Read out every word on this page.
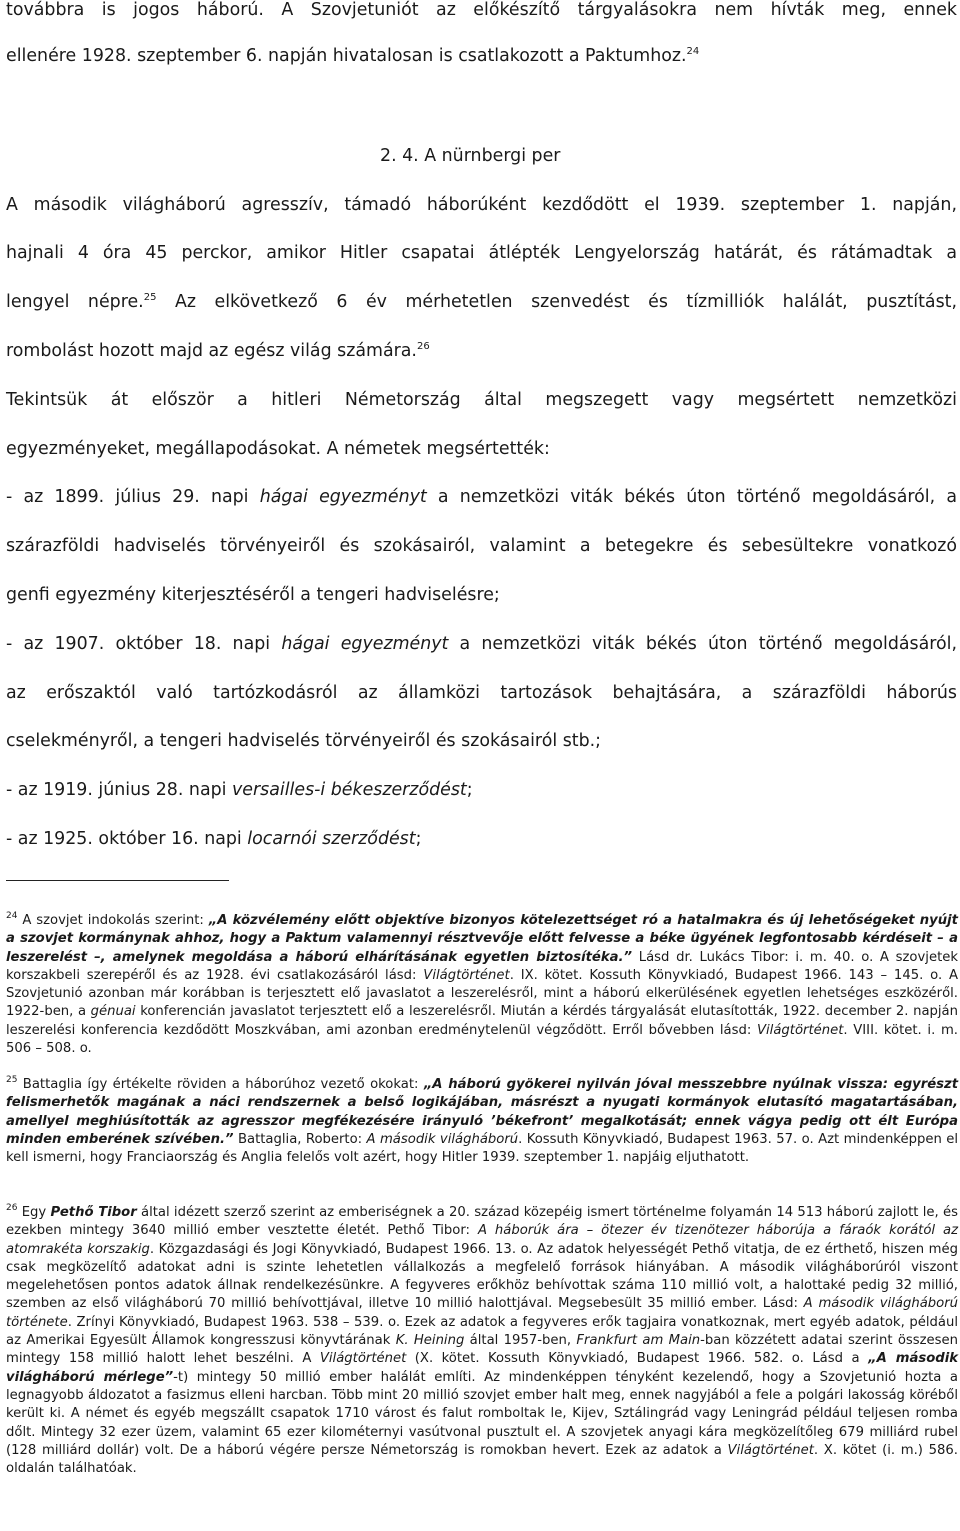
továbbra is jogos háború. A Szovjetuniót az előkészítő tárgyalásokra nem hívták meg, ennek
ellenére 1928. szeptember 6. napján hivatalosan is csatlakozott a Paktumhoz.$^{24}$
2. 4. A nürnbergi per
A második világháború agresszív, támadó háborúként kezdődött el 1939. szeptember 1. napján,
hajnali 4 óra 45 perckor, amikor Hitler csapatai átlépték Lengyelország határát, és rátámadtak a
lengyel népre.$^{25}$ Az elkövetkező 6 év mérhetetlen szenvedést és tízmilliók halálát, pusztítást,
rombolást hozott majd az egész világ számára.$^{26}$
Tekintsük át először a hitleri Németország által megszegett vagy megsértett nemzetközi
egyezményeket, megállapodásokat. A németek megsértették:
- az 1899. július 29. napi hágai egyezményt a nemzetközi viták békés úton történő megoldásáról, a
szárazföldi hadviselés törvényeiről és szokásairól, valamint a betegekre és sebesültekre vonatkozó
genfi egyezmény kiterjesztéséről a tengeri hadviselésre;
- az 1907. október 18. napi hágai egyezményt a nemzetközi viták békés úton történő megoldásáról,
az erőszaktól való tartózkodásról az államközi tartozások behajtására, a szárazföldi háborús
cselekményről, a tengeri hadviselés törvényeiről és szokásairól stb.;
- az 1919. június 28. napi versailles-i békeszerződést;
- az 1925. október 16. napi locarnói szerződést;
$^{24}$ A szovjet indokolás szerint: „A közvélemény előtt objektíve bizonyos kötelezettséget ró a hatalmakra és új lehetőségeket nyújt a szovjet kormánynak ahhoz, hogy a Paktum valamennyi résztvevője előtt felvesse a béke ügyének legfontosabb kérdéseit – a leszerelést –, amelynek megoldása a háború elhárításának egyetlen biztosítéka.” Lásd dr. Lukács Tibor: i. m. 40. o. A szovjetek korszakbeli szerepéről és az 1928. évi csatlakozásáról lásd: Világtörténet. IX. kötet. Kossuth Könyvkiadó, Budapest 1966. 143 – 145. o. A Szovjetunió azonban már korábban is terjesztett elő javaslatot a leszerelésről, mint a háború elkerülésének egyetlen lehetséges eszközéről. 1922-ben, a génuai konferencián javaslatot terjesztett elő a leszerelésről. Miután a kérdés tárgyalását elutasították, 1922. december 2. napján leszerelési konferencia kezdődött Moszkvában, ami azonban eredménytelenül végződött. Erről bővebben lásd: Világtörténet. VIII. kötet. i. m. 506 – 508. o.
$^{25}$ Battaglia így értékelte röviden a háborúhoz vezető okokat: „A háború gyökerei nyilván jóval messzebbre nyúlnak vissza: egyrészt felismerhetők magának a náci rendszernek a belső logikájában, másrészt a nyugati kormányok elutasító magatartásában, amellyel meghiúsították az agresszor megfékezésére irányuló ’békefront’ megalkotását; ennek vágya pedig ott élt Európa minden emberének szívében.” Battaglia, Roberto: A második világháború. Kossuth Könyvkiadó, Budapest 1963. 57. o. Azt mindenképpen el kell ismerni, hogy Franciaország és Anglia felelős volt azért, hogy Hitler 1939. szeptember 1. napjáig eljuthatott.
$^{26}$ Egy Pethő Tibor által idézett szerző szerint az emberiségnek a 20. század közepéig ismert történelme folyamán 14 513 háború zajlott le, és ezekben mintegy 3640 millió ember vesztette életét. Pethő Tibor: A háborúk ára – ötezer év tizenötezer háborúja a fáraók korától az atomrakéta korszakig. Közgazdasági és Jogi Könyvkiadó, Budapest 1966. 13. o. Az adatok helyességét Pethő vitatja, de ez érthető, hiszen még csak megközelítő adatokat adni is szinte lehetetlen vállalkozás a megfelelő források hiányában. A második világháborúról viszont megelehetősen pontos adatok állnak rendelkezésünkre. A fegyveres erőkhöz behívottak száma 110 millió volt, a halottaké pedig 32 millió, szemben az első világháború 70 millió behívottjával, illetve 10 millió halottjával. Megsebesült 35 millió ember. Lásd: A második világháború története. Zrínyi Könyvkiadó, Budapest 1963. 538 – 539. o. Ezek az adatok a fegyveres erők tagjaira vonatkoznak, mert egyéb adatok, például az Amerikai Egyesült Államok kongresszusi könyvtárának K. Heining által 1957-ben, Frankfurt am Main-ban közzétett adatai szerint összesen mintegy 158 millió halott lehet beszélni. A Világtörténet (X. kötet. Kossuth Könyvkiadó, Budapest 1966. 582. o. Lásd a „A második világháború mérlege”-t) mintegy 50 millió ember halálát említi. Az mindenképpen tényként kezelendő, hogy a Szovjetunió hozta a legnagyobb áldozatot a fasizmus elleni harcban. Több mint 20 millió szovjet ember halt meg, ennek nagyjából a fele a polgári lakosság köréből került ki. A német és egyéb megszállt csapatok 1710 várost és falut romboltak le, Kijev, Sztálingrád vagy Leningrád például teljesen romba dőlt. Mintegy 32 ezer üzem, valamint 65 ezer kilométernyi vasútvonal pusztult el. A szovjetek anyagi kára megközelítőleg 679 milliárd rubel (128 milliárd dollár) volt. De a háború végére persze Németország is romokban hevert. Ezek az adatok a Világtörténet. X. kötet (i. m.) 586. oldalán találhatóak.
